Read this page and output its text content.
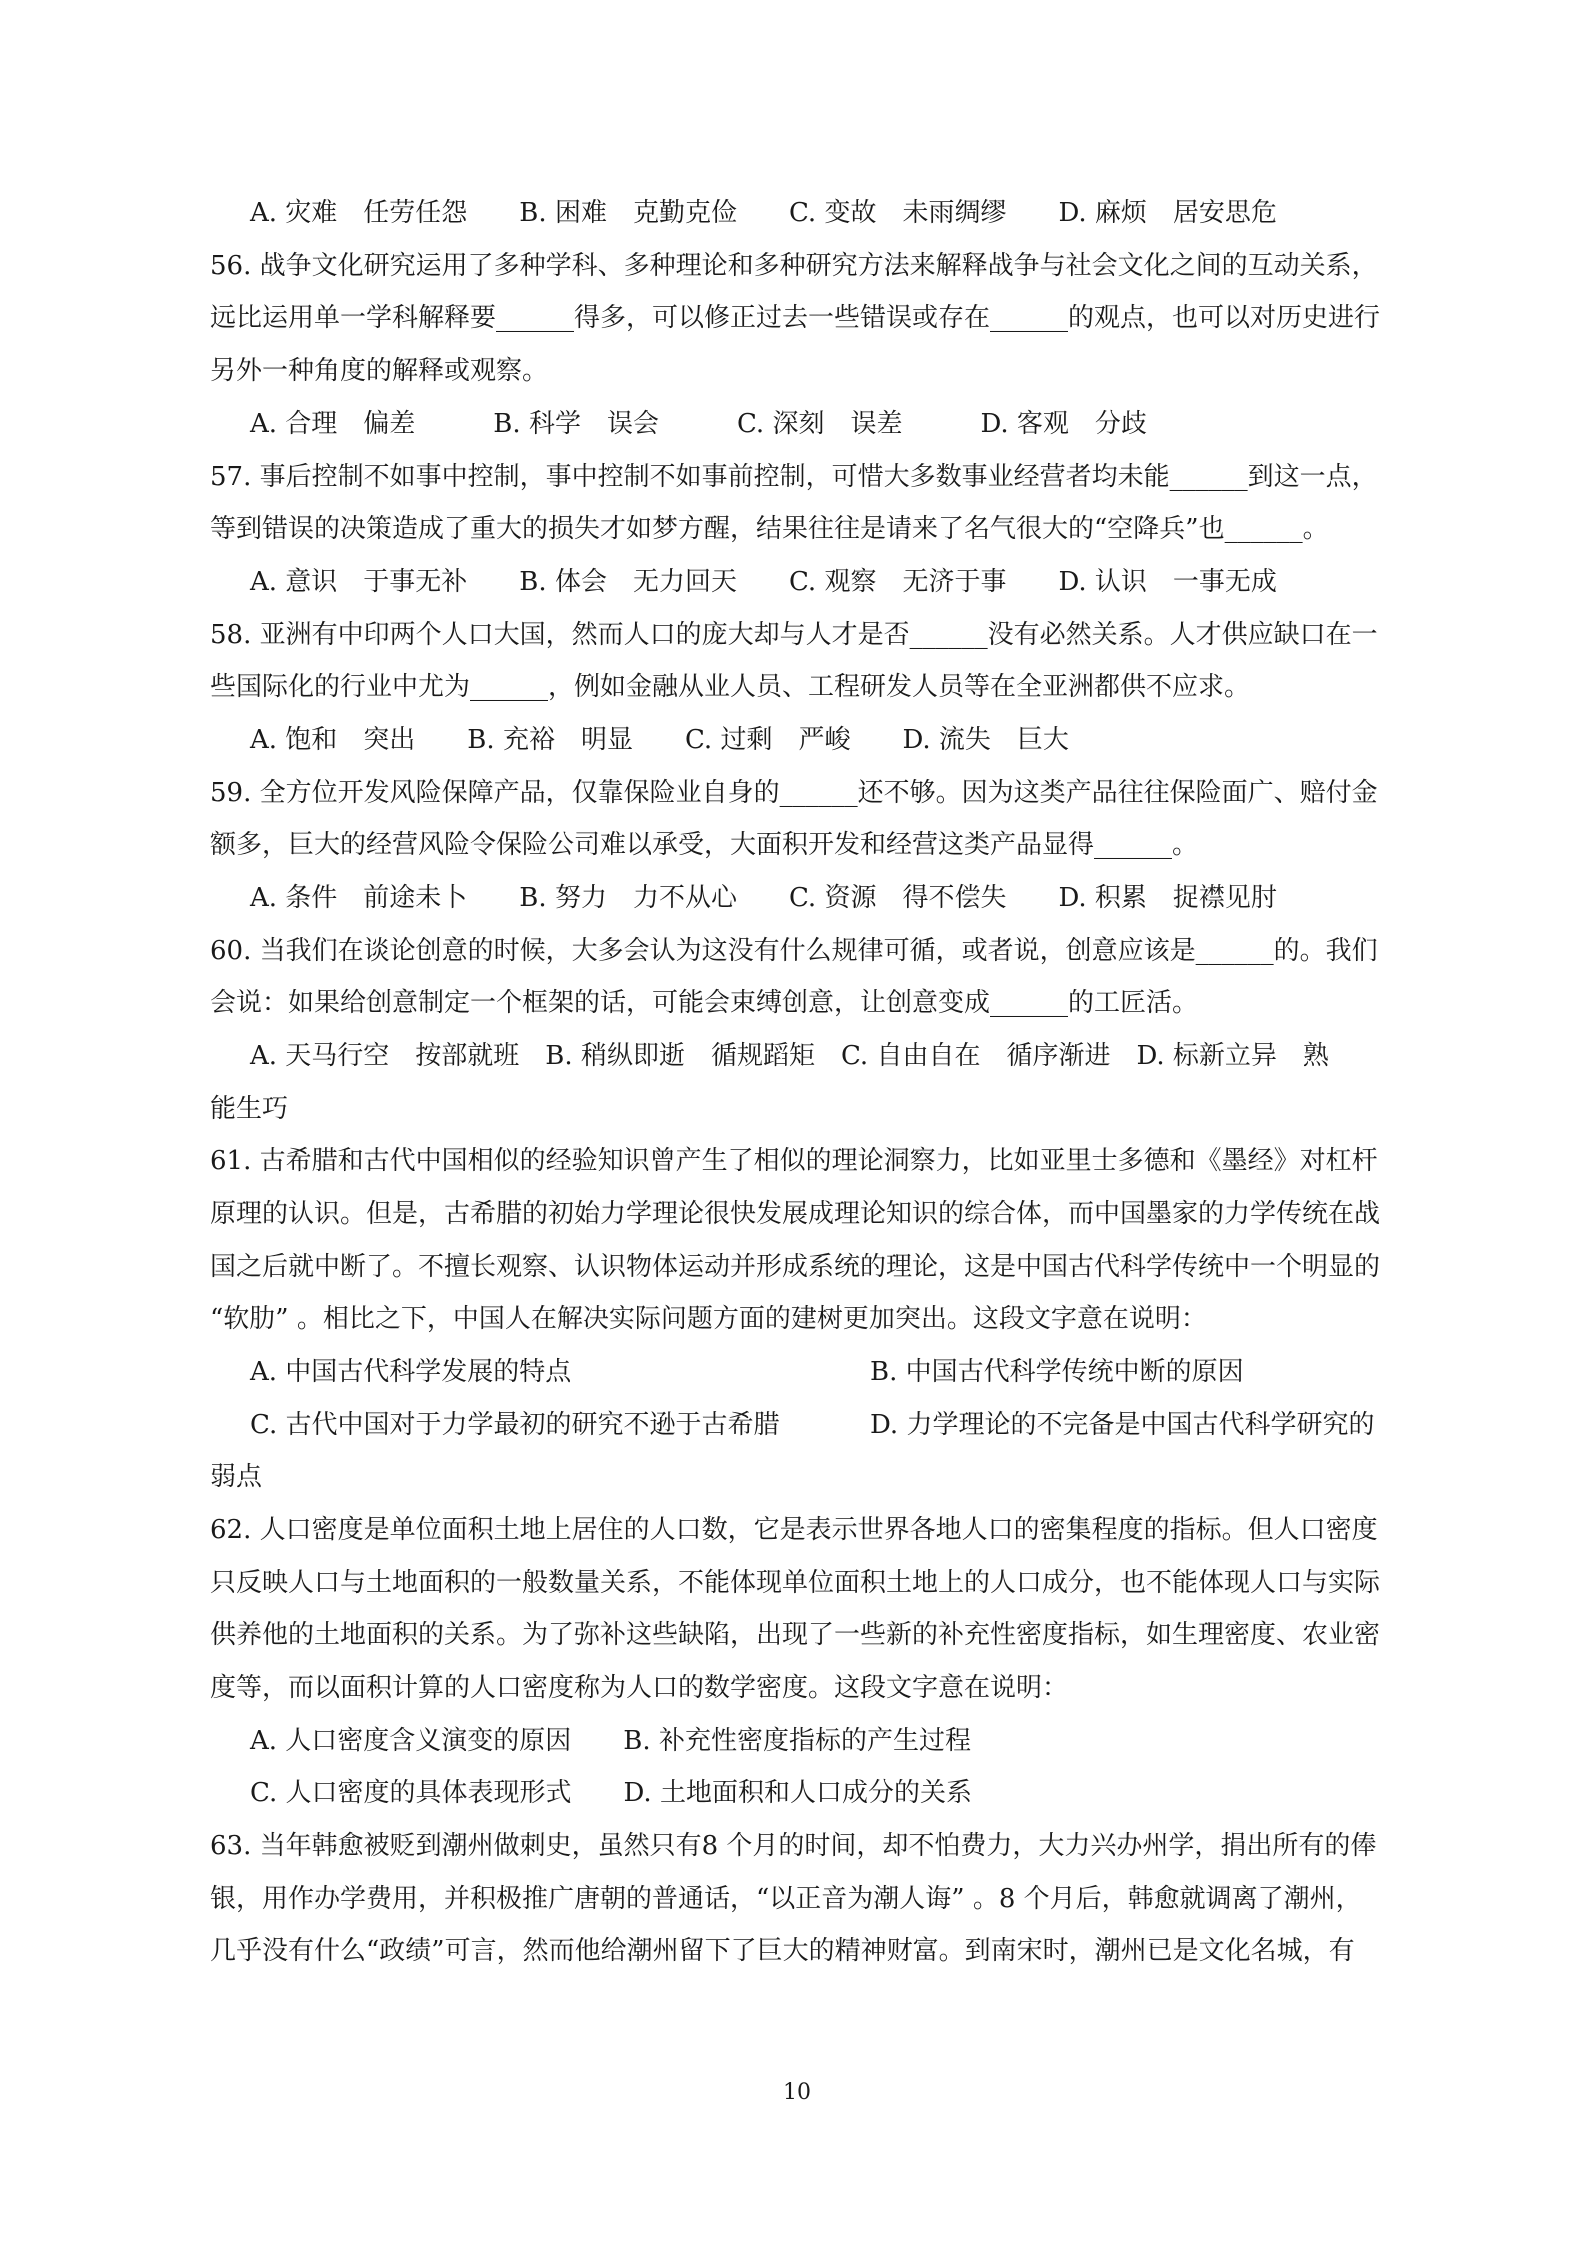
A. 灾难　任劳任怨　　B. 困难　克勤克俭　　C. 变故　未雨绸缪　　D. 麻烦　居安思危
56. 战争文化研究运用了多种学科、多种理论和多种研究方法来解释战争与社会文化之间的互动关系，
远比运用单一学科解释要______得多，可以修正过去一些错误或存在______的观点，也可以对历史进行
另外一种角度的解释或观察。
A. 合理　偏差　　　B. 科学　误会　　　C. 深刻　误差　　　D. 客观　分歧
57. 事后控制不如事中控制，事中控制不如事前控制，可惜大多数事业经营者均未能______到这一点，
等到错误的决策造成了重大的损失才如梦方醒，结果往往是请来了名气很大的“空降兵”也______。
A. 意识　于事无补　　B. 体会　无力回天　　C. 观察　无济于事　　D. 认识　一事无成
58. 亚洲有中印两个人口大国，然而人口的庞大却与人才是否______没有必然关系。人才供应缺口在一
些国际化的行业中尤为______，例如金融从业人员、工程研发人员等在全亚洲都供不应求。
A. 饱和　突出　　B. 充裕　明显　　C. 过剩　严峻　　D. 流失　巨大
59. 全方位开发风险保障产品，仅靠保险业自身的______还不够。因为这类产品往往保险面广、赔付金
额多，巨大的经营风险令保险公司难以承受，大面积开发和经营这类产品显得______。
A. 条件　前途未卜　　B. 努力　力不从心　　C. 资源　得不偿失　　D. 积累　捉襟见肘
60. 当我们在谈论创意的时候，大多会认为这没有什么规律可循，或者说，创意应该是______的。我们
会说：如果给创意制定一个框架的话，可能会束缚创意，让创意变成______的工匠活。
A. 天马行空　按部就班　B. 稍纵即逝　循规蹈矩　C. 自由自在　循序渐进　D. 标新立异　熟
能生巧
61. 古希腊和古代中国相似的经验知识曾产生了相似的理论洞察力，比如亚里士多德和《墨经》对杠杆
原理的认识。但是，古希腊的初始力学理论很快发展成理论知识的综合体，而中国墨家的力学传统在战
国之后就中断了。不擅长观察、认识物体运动并形成系统的理论，这是中国古代科学传统中一个明显的
“软肋” 。相比之下，中国人在解决实际问题方面的建树更加突出。这段文字意在说明：
A. 中国古代科学发展的特点	B. 中国古代科学传统中断的原因
C. 古代中国对于力学最初的研究不逊于古希腊	D. 力学理论的不完备是中国古代科学研究的
弱点
62. 人口密度是单位面积土地上居住的人口数，它是表示世界各地人口的密集程度的指标。但人口密度
只反映人口与土地面积的一般数量关系，不能体现单位面积土地上的人口成分，也不能体现人口与实际
供养他的土地面积的关系。为了弥补这些缺陷，出现了一些新的补充性密度指标，如生理密度、农业密
度等，而以面积计算的人口密度称为人口的数学密度。这段文字意在说明：
A. 人口密度含义演变的原因　　B. 补充性密度指标的产生过程
C. 人口密度的具体表现形式　　D. 土地面积和人口成分的关系
63. 当年韩愈被贬到潮州做刺史，虽然只有8 个月的时间，却不怕费力，大力兴办州学，捐出所有的俸
银，用作办学费用，并积极推广唐朝的普通话，“以正音为潮人诲” 。8 个月后，韩愈就调离了潮州，
几乎没有什么“政绩”可言，然而他给潮州留下了巨大的精神财富。到南宋时，潮州已是文化名城，有
10
